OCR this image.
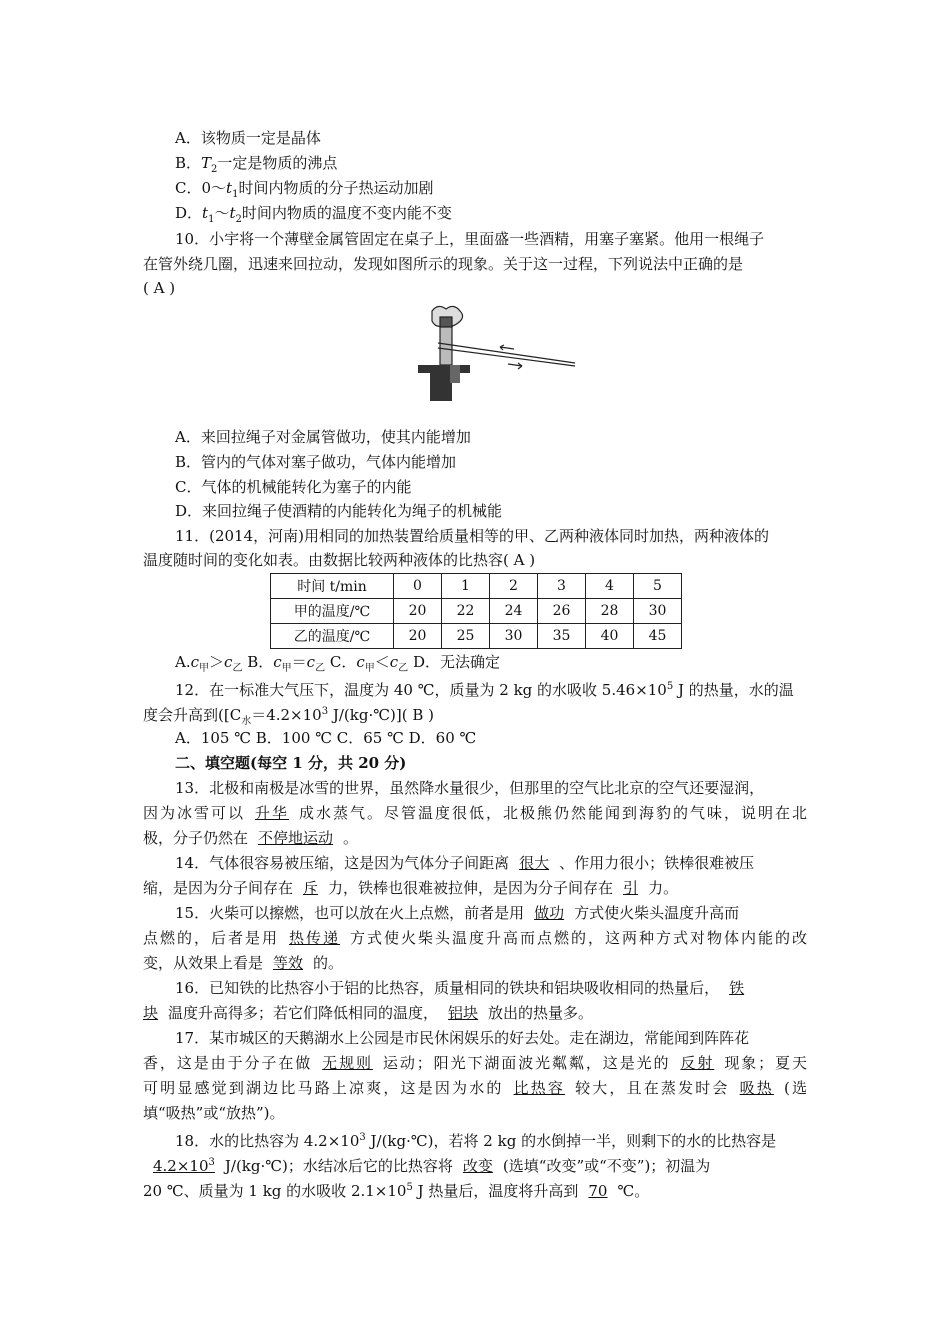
A．该物质一定是晶体
B．$T_2$一定是物质的沸点
C．$0\sim t_1$时间内物质的分子热运动加剧
D．$t_1\sim t_2$时间内物质的温度不变内能不变
10．小宇将一个薄壁金属管固定在桌子上，里面盛一些酒精，用塞子塞紧。他用一根绳子
在管外绕几圈，迅速来回拉动，发现如图所示的现象。关于这一过程，下列说法中正确的是
( A )
A．来回拉绳子对金属管做功，使其内能增加
B．管内的气体对塞子做功，气体内能增加
C．气体的机械能转化为塞子的内能
D．来回拉绳子使酒精的内能转化为绳子的机械能
11．(2014，河南)用相同的加热装置给质量相等的甲、乙两种液体同时加热，两种液体的
温度随时间的变化如表。由数据比较两种液体的比热容( A )
时间 t/min	0	1	2	3	4	5
甲的温度/℃	20	22	24	26	28	30
乙的温度/℃	20	25	30	35	40	45
$A.c_甲>c_乙$ B．$c_甲=c_乙$ C．$c_甲<c_乙$ D．无法确定
12．在一标准大气压下，温度为 40 ℃，质量为 2 kg 的水吸收 $5.46\times 10^5$ J 的热量，水的温
度会升高到([$C_水=4.2\times 10^3$ J/(kg·℃)]( B )
A．105 ℃ B．100 ℃ C．65 ℃ D．60 ℃
二、填空题(每空 1 分，共 20 分)
13．北极和南极是冰雪的世界，虽然降水量很少，但那里的空气比北京的空气还要湿润，
因为冰雪可以 升华 成水蒸气。尽管温度很低，北极熊仍然能闻到海豹的气味，说明在北
极，分子仍然在 不停地运动 。
14．气体很容易被压缩，这是因为气体分子间距离 很大 、作用力很小；铁棒很难被压
缩，是因为分子间存在 斥 力，铁棒也很难被拉伸，是因为分子间存在 引 力。
15．火柴可以擦燃，也可以放在火上点燃，前者是用 做功 方式使火柴头温度升高而
点燃的，后者是用 热传递 方式使火柴头温度升高而点燃的，这两种方式对物体内能的改
变，从效果上看是 等效 的。
16．已知铁的比热容小于铝的比热容，质量相同的铁块和铝块吸收相同的热量后， 铁
块 温度升高得多；若它们降低相同的温度， 铝块 放出的热量多。
17．某市城区的天鹅湖水上公园是市民休闲娱乐的好去处。走在湖边，常能闻到阵阵花
香，这是由于分子在做 无规则 运动；阳光下湖面波光粼粼，这是光的 反射 现象；夏天
可明显感觉到湖边比马路上凉爽，这是因为水的 比热容 较大，且在蒸发时会 吸热 (选
填“吸热”或“放热”)。
18．水的比热容为 $4.2\times 10^3$ J/(kg·℃)，若将 2 kg 的水倒掉一半，则剩下的水的比热容是
$4.2\times 10^3$ J/(kg·℃)；水结冰后它的比热容将 改变 (选填“改变”或“不变”)；初温为
20 ℃、质量为 1 kg 的水吸收 $2.1\times 10^5$ J 热量后，温度将升高到 70 ℃。
